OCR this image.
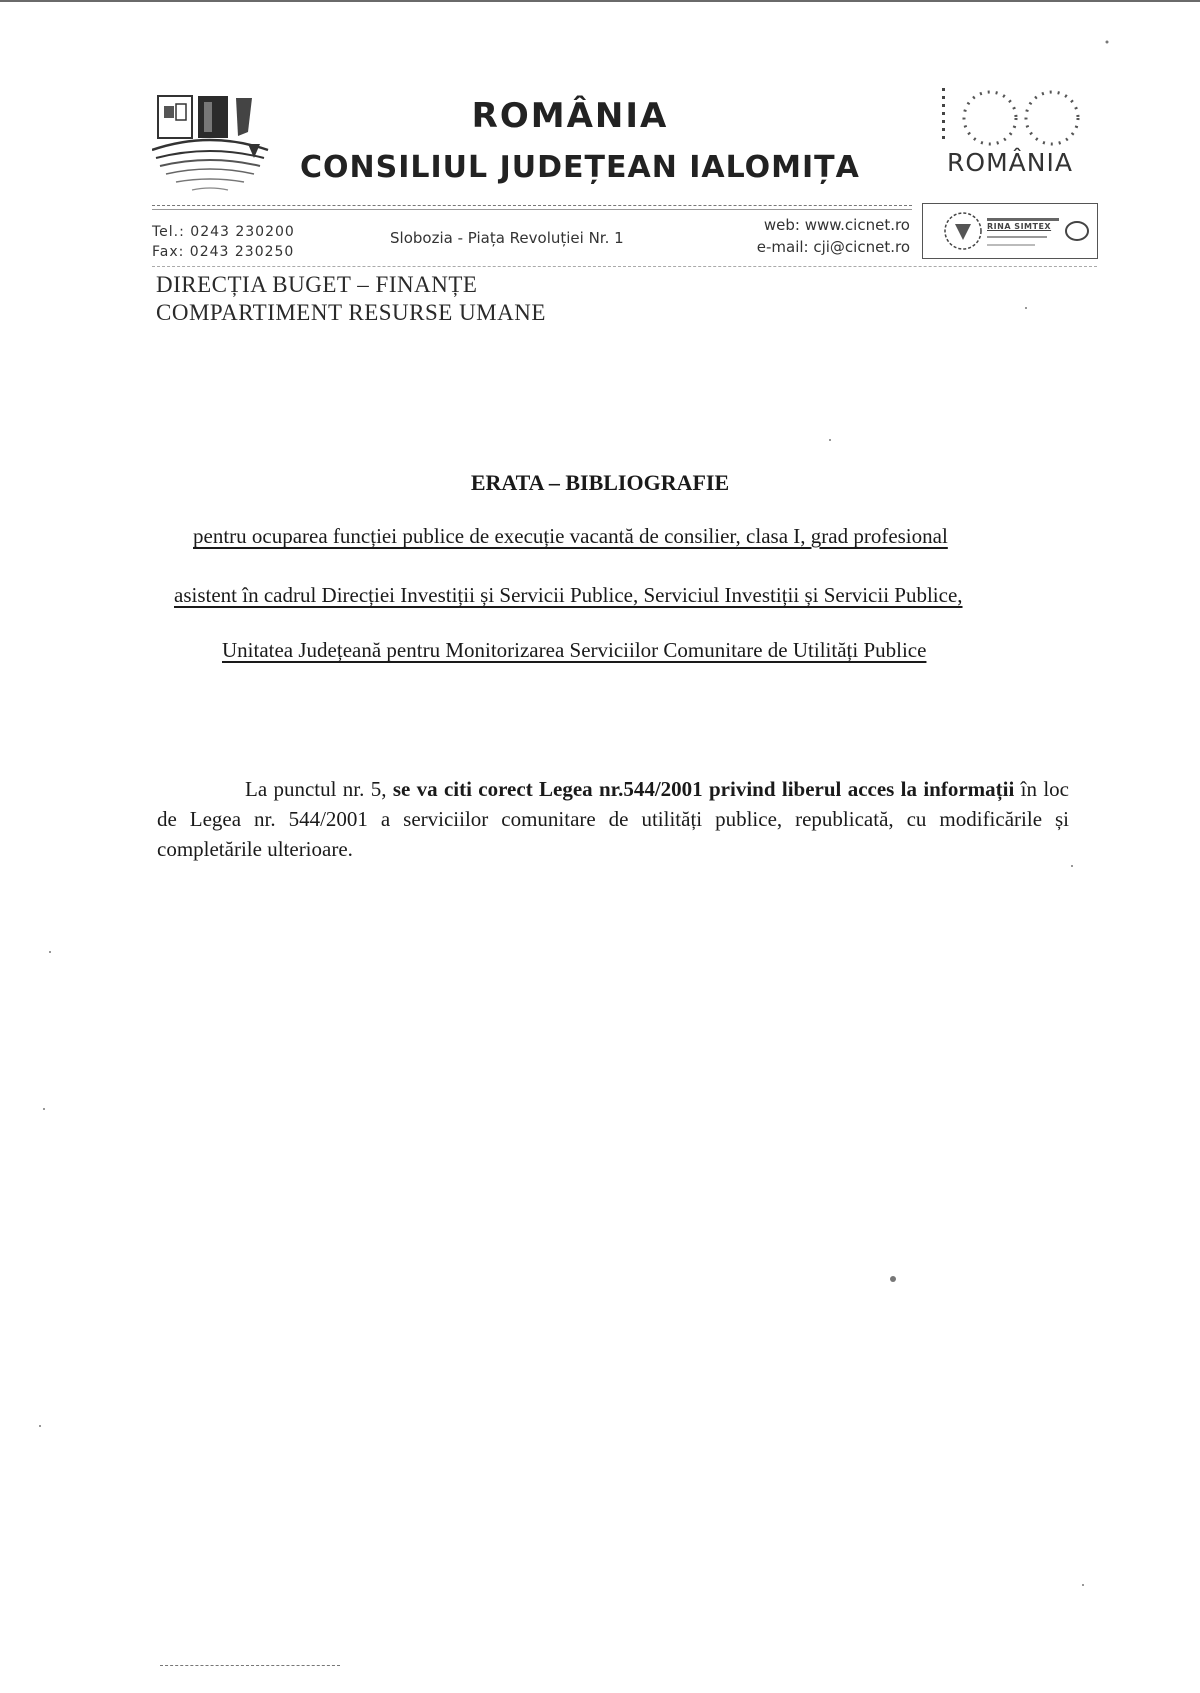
ROMÂNIA
CONSILIUL JUDEȚEAN IALOMIȚA	ROMÂNIA
Tel.: 0243 230200
Fax: 0243 230250
Slobozia - Piața Revoluției Nr. 1
web: www.cicnet.ro
e-mail: cji@cicnet.ro
RINA SIMTEX

DIRECȚIA BUGET – FINANȚE

COMPARTIMENT RESURSE UMANE

ERATA – BIBLIOGRAFIE

pentru ocuparea funcției publice de execuție vacantă de consilier, clasa I, grad profesional

asistent în cadrul Direcției Investiții și Servicii Publice, Serviciul Investiții și Servicii Publice,

Unitatea Județeană pentru Monitorizarea Serviciilor Comunitare de Utilități Publice

La punctul nr. 5, se va citi corect Legea nr.544/2001 privind liberul acces la informații în loc de Legea nr. 544/2001 a serviciilor comunitare de utilități publice, republicată, cu modificările și completările ulterioare.
